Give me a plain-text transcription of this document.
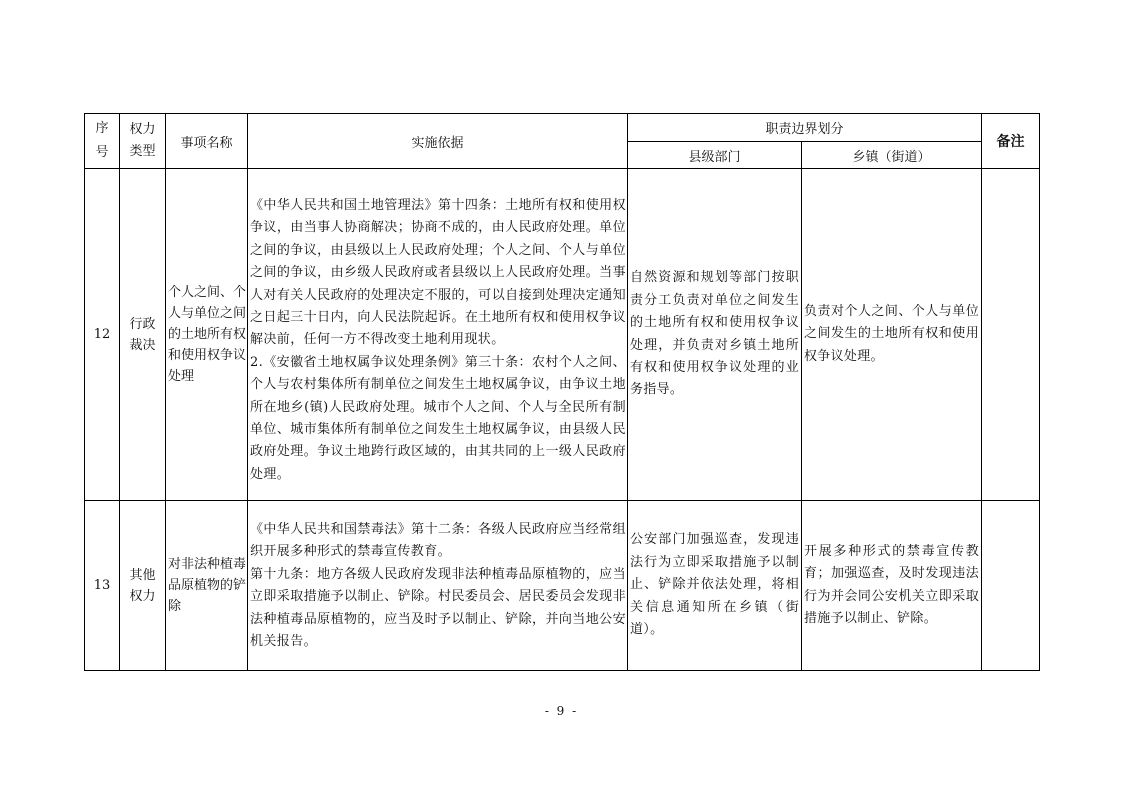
序号	权力类型	事项名称	实施依据	职责边界划分		备注
				县级部门	乡镇（街道）	
12	行政裁决	个人之间、个人与单位之间的土地所有权和使用权争议处理	《中华人民共和国土地管理法》第十四条：土地所有权和使用权争议，由当事人协商解决；协商不成的，由人民政府处理。单位之间的争议，由县级以上人民政府处理；个人之间、个人与单位之间的争议，由乡级人民政府或者县级以上人民政府处理。当事人对有关人民政府的处理决定不服的，可以自接到处理决定通知之日起三十日内，向人民法院起诉。在土地所有权和使用权争议解决前，任何一方不得改变土地利用现状。

2.《安徽省土地权属争议处理条例》第三十条：农村个人之间、个人与农村集体所有制单位之间发生土地权属争议，由争议土地所在地乡(镇)人民政府处理。城市个人之间、个人与全民所有制单位、城市集体所有制单位之间发生土地权属争议，由县级人民政府处理。争议土地跨行政区域的，由其共同的上一级人民政府处理。	自然资源和规划等部门按职责分工负责对单位之间发生的土地所有权和使用权争议处理，并负责对乡镇土地所有权和使用权争议处理的业务指导。	负责对个人之间、个人与单位之间发生的土地所有权和使用权争议处理。	
13	其他权力	对非法种植毒品原植物的铲除	《中华人民共和国禁毒法》第十二条：各级人民政府应当经常组织开展多种形式的禁毒宣传教育。

第十九条：地方各级人民政府发现非法种植毒品原植物的，应当立即采取措施予以制止、铲除。村民委员会、居民委员会发现非法种植毒品原植物的，应当及时予以制止、铲除，并向当地公安机关报告。	公安部门加强巡查，发现违法行为立即采取措施予以制止、铲除并依法处理，将相关信息通知所在乡镇（街道）。	开展多种形式的禁毒宣传教育；加强巡查，及时发现违法行为并会同公安机关立即采取措施予以制止、铲除。	
- 9 -
